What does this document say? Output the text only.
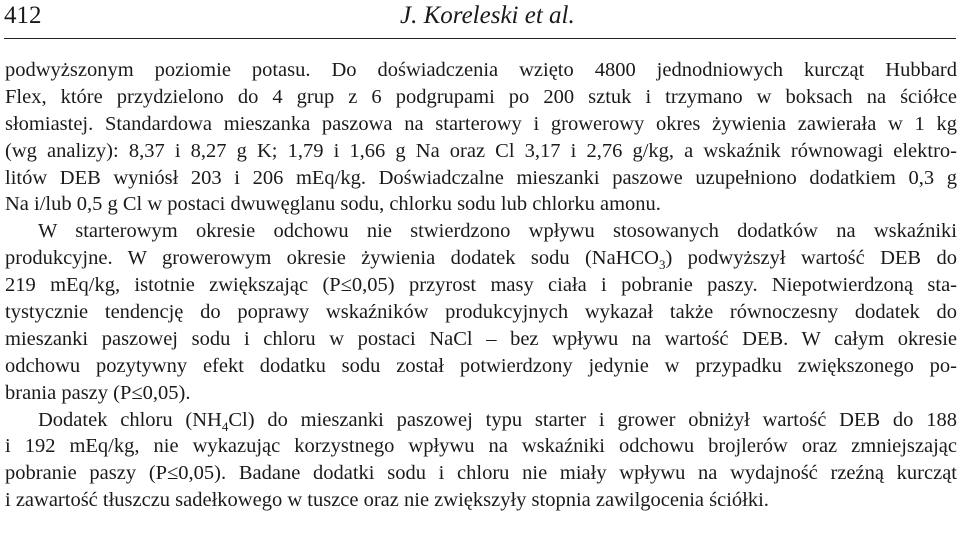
412	J. Koreleski et al.
podwyższonym poziomie potasu. Do doświadczenia wzięto 4800 jednodniowych kurcząt Hubbard
Flex, które przydzielono do 4 grup z 6 podgrupami po 200 sztuk i trzymano w boksach na ściółce
słomiastej. Standardowa mieszanka paszowa na starterowy i growerowy okres żywienia zawierała w 1 kg
(wg analizy): 8,37 i 8,27 g K; 1,79 i 1,66 g Na oraz Cl 3,17 i 2,76 g/kg, a wskaźnik równowagi elektro-
litów DEB wyniósł 203 i 206 mEq/kg. Doświadczalne mieszanki paszowe uzupełniono dodatkiem 0,3 g
Na i/lub 0,5 g Cl w postaci dwuwęglanu sodu, chlorku sodu lub chlorku amonu.
W starterowym okresie odchowu nie stwierdzono wpływu stosowanych dodatków na wskaźniki
produkcyjne. W growerowym okresie żywienia dodatek sodu (NaHCO$_3$) podwyższył wartość DEB do
219 mEq/kg, istotnie zwiększając (P≤0,05) przyrost masy ciała i pobranie paszy. Niepotwierdzoną sta-
tystycznie tendencję do poprawy wskaźników produkcyjnych wykazał także równoczesny dodatek do
mieszanki paszowej sodu i chloru w postaci NaCl – bez wpływu na wartość DEB. W całym okresie
odchowu pozytywny efekt dodatku sodu został potwierdzony jedynie w przypadku zwiększonego po-
brania paszy (P≤0,05).
Dodatek chloru $(NH_4Cl)$ do mieszanki paszowej typu starter i grower obniżył wartość DEB do 188
i 192 mEq/kg, nie wykazując korzystnego wpływu na wskaźniki odchowu brojlerów oraz zmniejszając
pobranie paszy (P≤0,05). Badane dodatki sodu i chloru nie miały wpływu na wydajność rzeźną kurcząt
i zawartość tłuszczu sadełkowego w tuszce oraz nie zwiększyły stopnia zawilgocenia ściółki.
